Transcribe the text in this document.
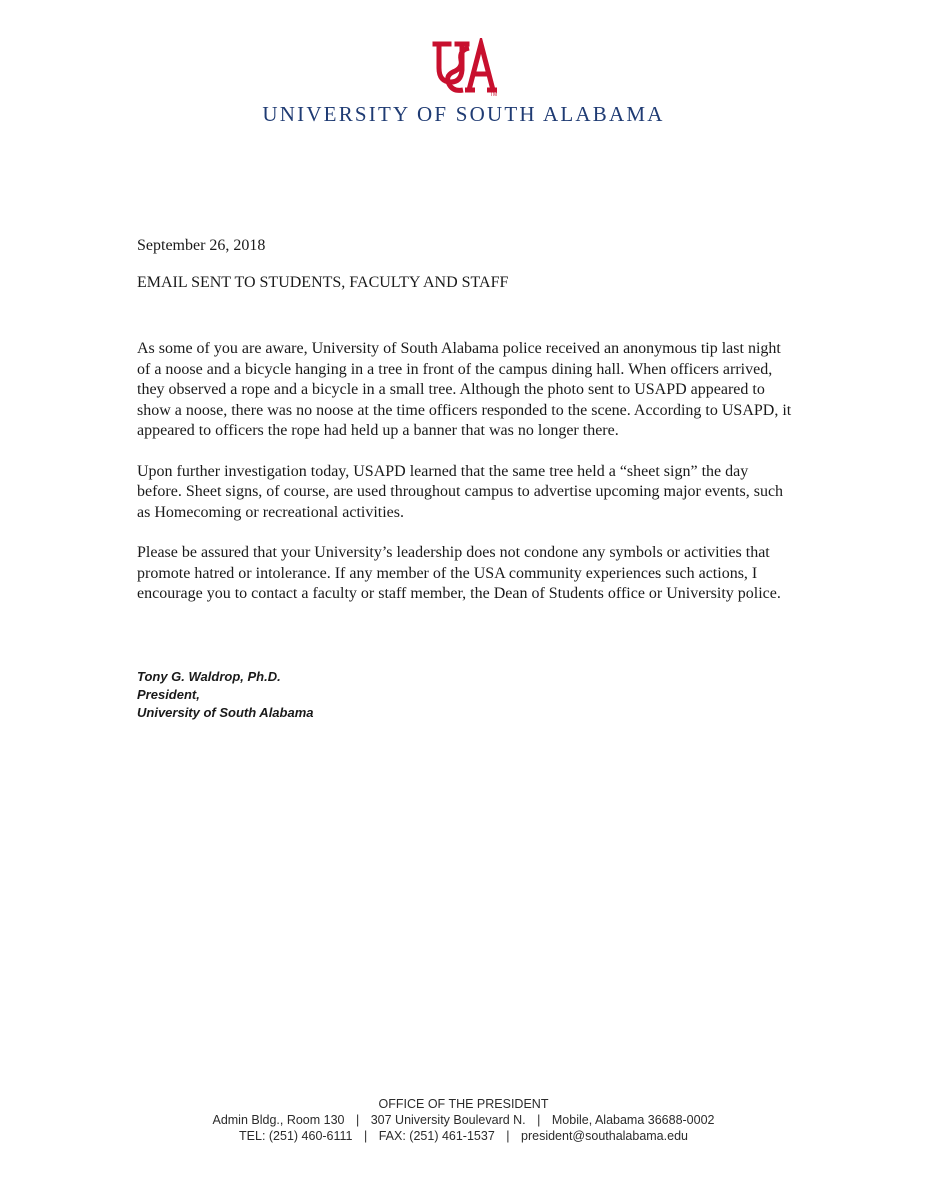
TM
UNIVERSITY OF SOUTH ALABAMA

September 26, 2018

EMAIL SENT TO STUDENTS, FACULTY AND STAFF

As some of you are aware, University of South Alabama police received an anonymous tip last night of a noose and a bicycle hanging in a tree in front of the campus dining hall. When officers arrived, they observed a rope and a bicycle in a small tree. Although the photo sent to USAPD appeared to show a noose, there was no noose at the time officers responded to the scene. According to USAPD, it appeared to officers the rope had held up a banner that was no longer there.

Upon further investigation today, USAPD learned that the same tree held a “sheet sign” the day before. Sheet signs, of course, are used throughout campus to advertise upcoming major events, such as Homecoming or recreational activities.

Please be assured that your University’s leadership does not condone any symbols or activities that promote hatred or intolerance. If any member of the USA community experiences such actions, I encourage you to contact a faculty or staff member, the Dean of Students office or University police.

Tony G. Waldrop, Ph.D.
President,
University of South Alabama
OFFICE OF THE PRESIDENT
Admin Bldg., Room 130 | 307 University Boulevard N. | Mobile, Alabama 36688-0002
TEL: (251) 460-6111 | FAX: (251) 461-1537 | president@southalabama.edu
